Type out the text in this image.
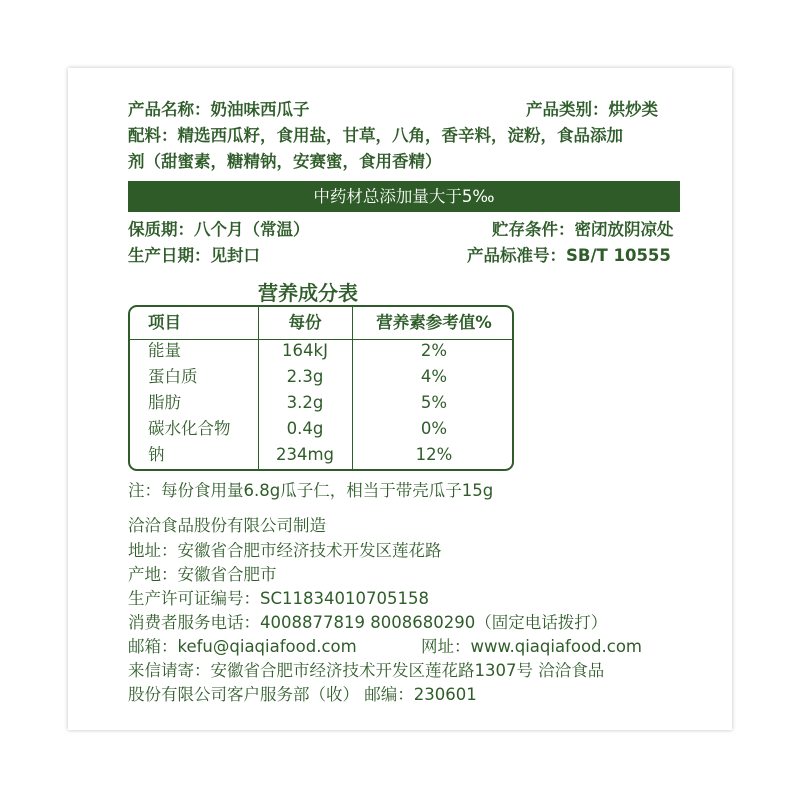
产品名称：奶油味西瓜子	产品类别：烘炒类
配料：精选西瓜籽，食用盐，甘草，八角，香辛料，淀粉，食品添加
剂（甜蜜素，糖精钠，安赛蜜，食用香精）
中药材总添加量大于5‰
保质期：八个月（常温）	贮存条件：密闭放阴凉处
生产日期：见封口	产品标准号：SB/T 10555
营养成分表
项目	每份	营养素参考值%
能量	164kJ	2%
蛋白质	2.3g	4%
脂肪	3.2g	5%
碳水化合物	0.4g	0%
钠	234mg	12%
注：每份食用量6.8g瓜子仁，相当于带壳瓜子15g
洽洽食品股份有限公司制造
地址：安徽省合肥市经济技术开发区莲花路
产地：安徽省合肥市
生产许可证编号：SC11834010705158
消费者服务电话：4008877819 8008680290（固定电话拨打）
邮箱：kefu@qiaqiafood.com	网址：www.qiaqiafood.com
来信请寄：安徽省合肥市经济技术开发区莲花路1307号 洽洽食品
股份有限公司客户服务部（收） 邮编：230601
